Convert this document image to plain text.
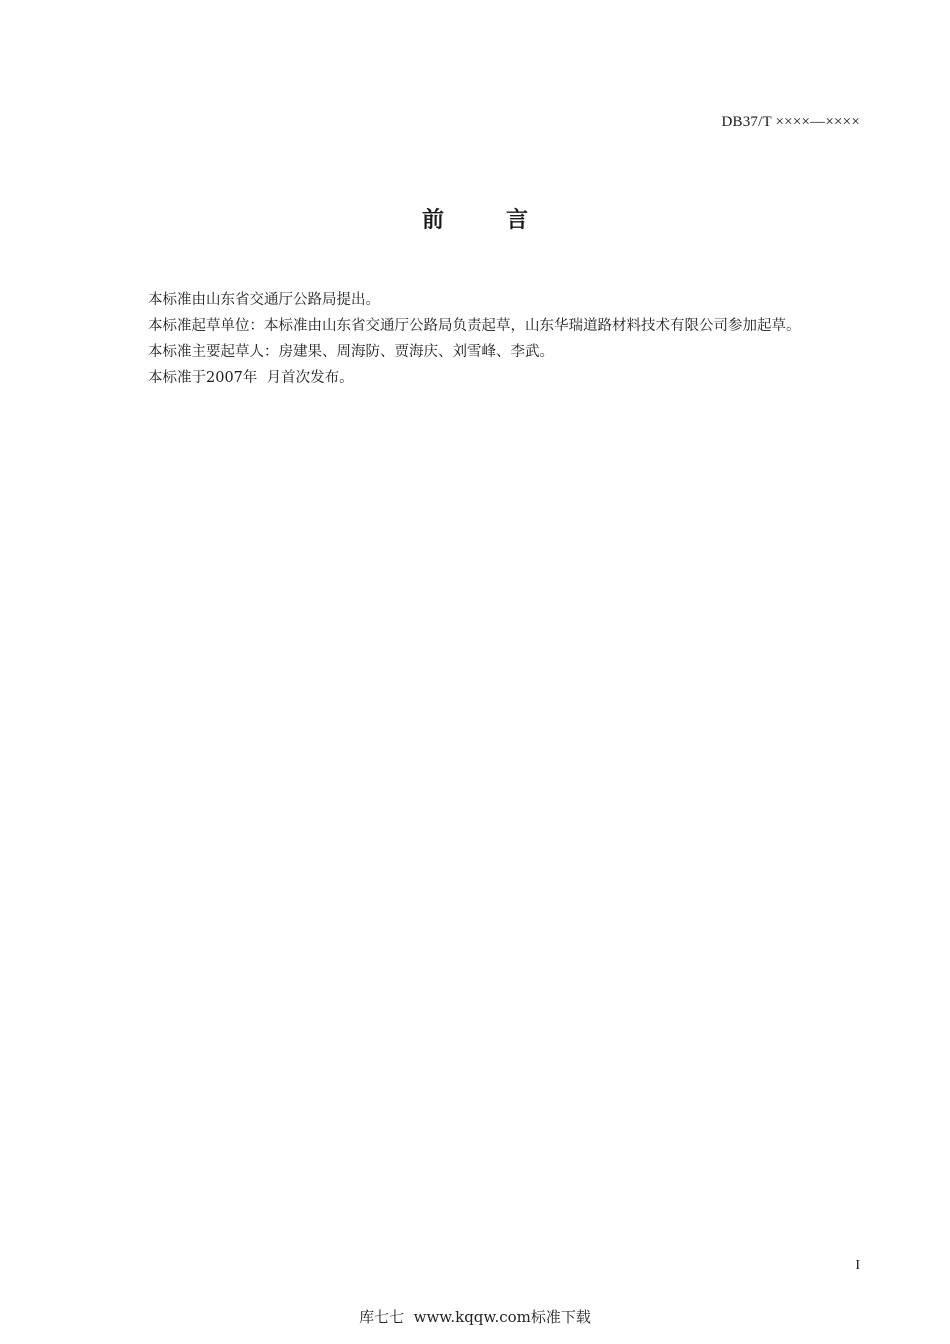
DB37/T ××××—××××
前	言

本标准由山东省交通厅公路局提出。

本标准起草单位：本标准由山东省交通厅公路局负责起草，山东华瑞道路材料技术有限公司参加起草。

本标准主要起草人：房建果、周海防、贾海庆、刘雪峰、李武。

本标准于2007年  月首次发布。

I
库七七  www.kqqw.com标准下载
